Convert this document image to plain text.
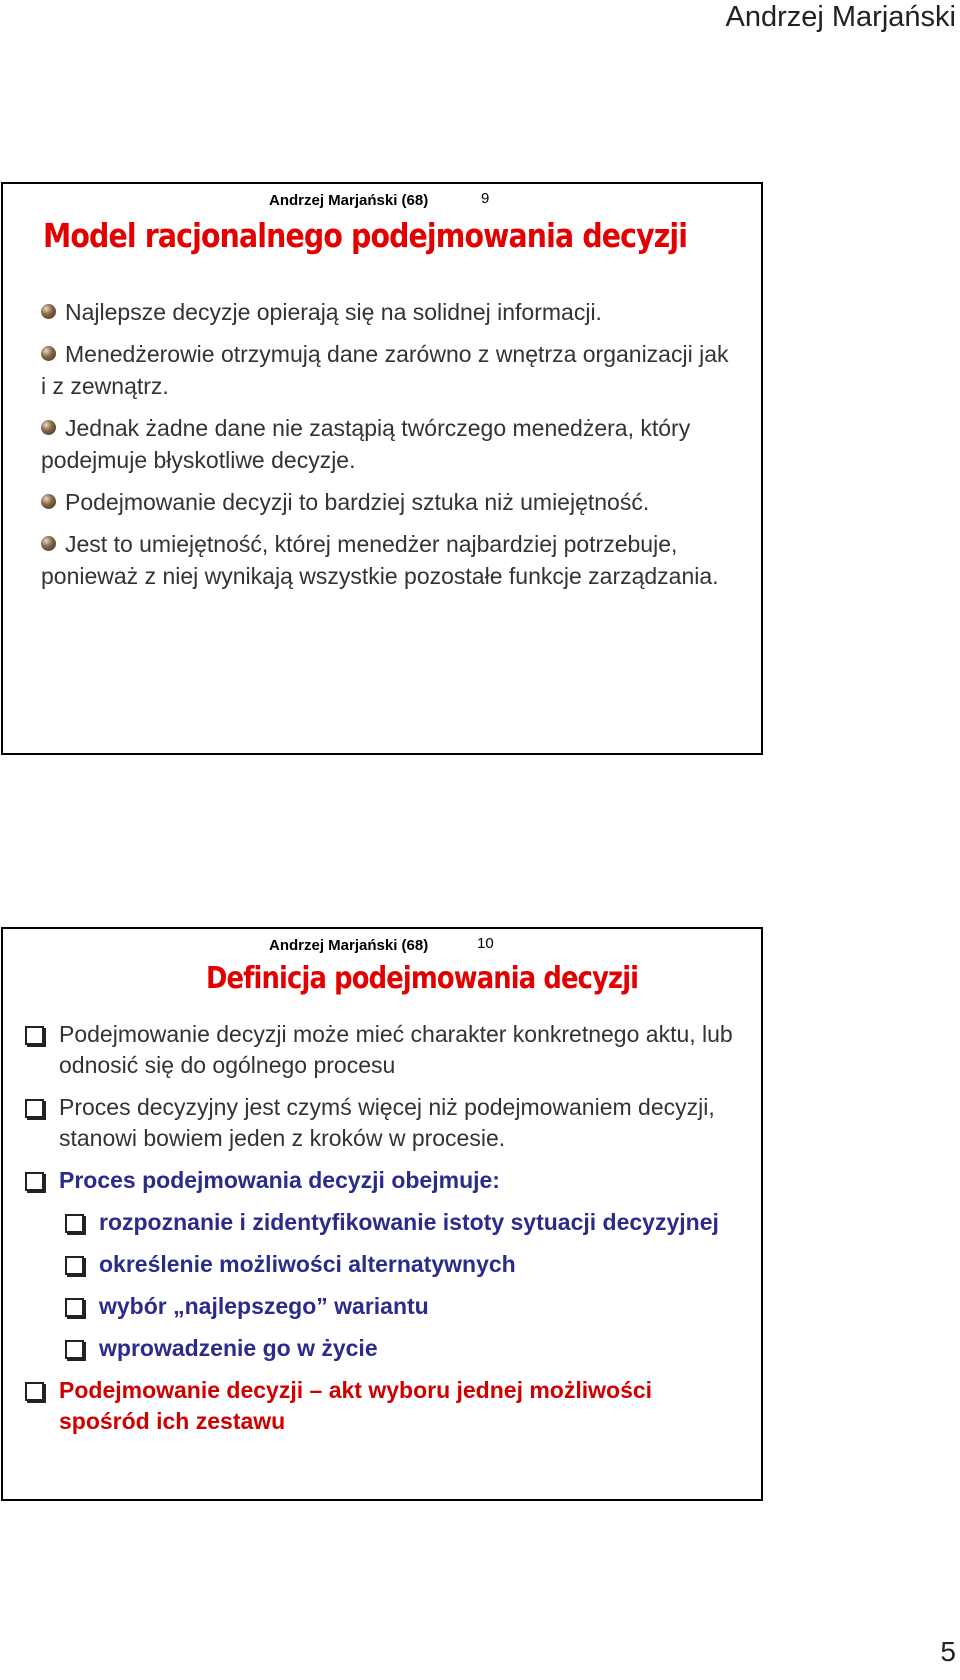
Andrzej Marjański
Andrzej Marjański (68)	9
Model racjonalnego podejmowania decyzji
Najlepsze decyzje opierają się na solidnej informacji.
Menedżerowie otrzymują dane zarówno z wnętrza organizacji jak i z zewnątrz.
Jednak żadne dane nie zastąpią twórczego menedżera, który podejmuje błyskotliwe decyzje.
Podejmowanie decyzji to bardziej sztuka niż umiejętność.
Jest to umiejętność, której menedżer najbardziej potrzebuje, ponieważ z niej wynikają wszystkie pozostałe funkcje zarządzania.
Andrzej Marjański (68)	10
Definicja podejmowania decyzji
Podejmowanie decyzji może mieć charakter konkretnego aktu, lub odnosić się do ogólnego procesu
Proces decyzyjny jest czymś więcej niż podejmowaniem decyzji, stanowi bowiem jeden z kroków w procesie.
Proces podejmowania decyzji obejmuje:
rozpoznanie i zidentyfikowanie istoty sytuacji decyzyjnej
określenie możliwości alternatywnych
wybór „najlepszego” wariantu
wprowadzenie go w życie
Podejmowanie decyzji – akt wyboru jednej możliwości spośród ich zestawu
5
